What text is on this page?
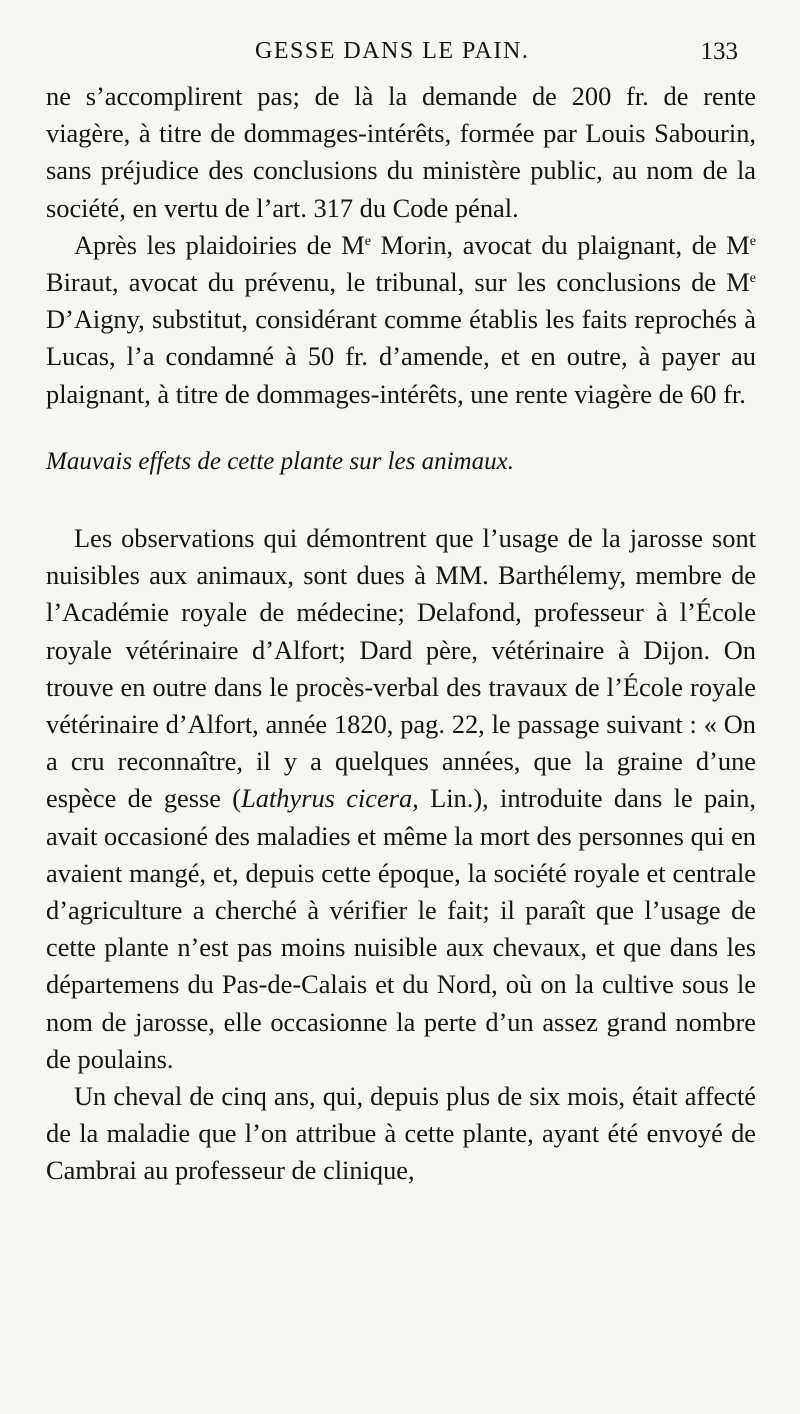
GESSE DANS LE PAIN.	133

ne s’accomplirent pas; de là la demande de 200 fr. de rente viagère, à titre de dommages-intérêts, formée par Louis Sabourin, sans préjudice des conclusions du ministère public, au nom de la société, en vertu de l’art. 317 du Code pénal.

Après les plaidoiries de Me Morin, avocat du plaignant, de Me Biraut, avocat du prévenu, le tribunal, sur les conclusions de Me D’Aigny, substitut, considérant comme établis les faits reprochés à Lucas, l’a condamné à 50 fr. d’amende, et en outre, à payer au plaignant, à titre de dommages-intérêts, une rente viagère de 60 fr.

Mauvais effets de cette plante sur les animaux.

Les observations qui démontrent que l’usage de la jarosse sont nuisibles aux animaux, sont dues à MM. Barthélemy, membre de l’Académie royale de médecine; Delafond, professeur à l’École royale vétérinaire d’Alfort; Dard père, vétérinaire à Dijon. On trouve en outre dans le procès-verbal des travaux de l’École royale vétérinaire d’Alfort, année 1820, pag. 22, le passage suivant : « On a cru reconnaître, il y a quelques années, que la graine d’une espèce de gesse (Lathyrus cicera, Lin.), introduite dans le pain, avait occasioné des maladies et même la mort des personnes qui en avaient mangé, et, depuis cette époque, la société royale et centrale d’agriculture a cherché à vérifier le fait; il paraît que l’usage de cette plante n’est pas moins nuisible aux chevaux, et que dans les départemens du Pas-de-Calais et du Nord, où on la cultive sous le nom de jarosse, elle occasionne la perte d’un assez grand nombre de poulains.

Un cheval de cinq ans, qui, depuis plus de six mois, était affecté de la maladie que l’on attribue à cette plante, ayant été envoyé de Cambrai au professeur de clinique,
